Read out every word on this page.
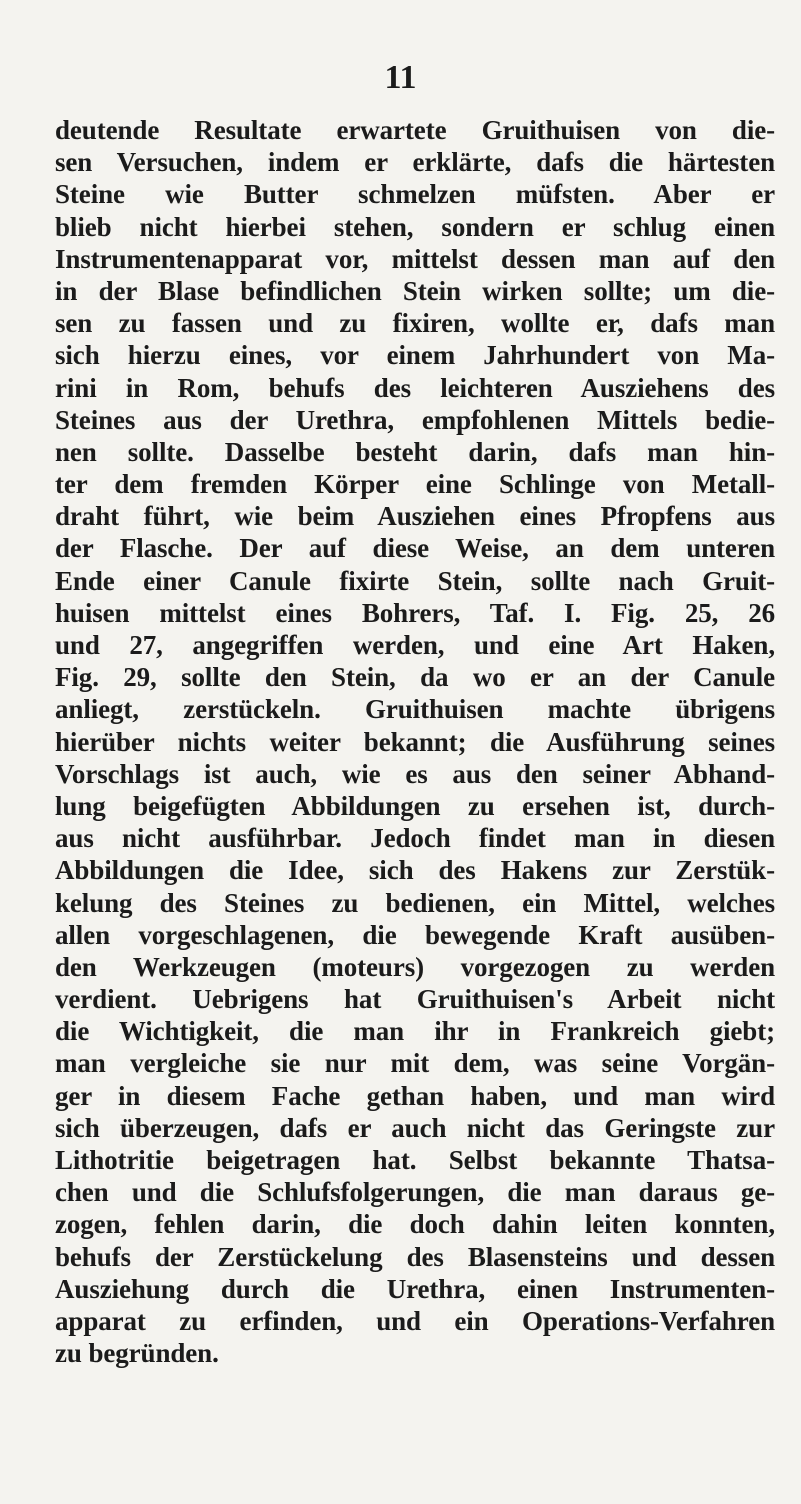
11
deutende Resultate erwartete Gruithuisen von die-
sen Versuchen, indem er erklärte, dafs die härtesten
Steine wie Butter schmelzen müfsten. Aber er
blieb nicht hierbei stehen, sondern er schlug einen
Instrumentenapparat vor, mittelst dessen man auf den
in der Blase befindlichen Stein wirken sollte; um die-
sen zu fassen und zu fixiren, wollte er, dafs man
sich hierzu eines, vor einem Jahrhundert von Ma-
rini in Rom, behufs des leichteren Ausziehens des
Steines aus der Urethra, empfohlenen Mittels bedie-
nen sollte. Dasselbe besteht darin, dafs man hin-
ter dem fremden Körper eine Schlinge von Metall-
draht führt, wie beim Ausziehen eines Pfropfens aus
der Flasche. Der auf diese Weise, an dem unteren
Ende einer Canule fixirte Stein, sollte nach Gruit-
huisen mittelst eines Bohrers, Taf. I. Fig. 25, 26
und 27, angegriffen werden, und eine Art Haken,
Fig. 29, sollte den Stein, da wo er an der Canule
anliegt, zerstückeln. Gruithuisen machte übrigens
hierüber nichts weiter bekannt; die Ausführung seines
Vorschlags ist auch, wie es aus den seiner Abhand-
lung beigefügten Abbildungen zu ersehen ist, durch-
aus nicht ausführbar. Jedoch findet man in diesen
Abbildungen die Idee, sich des Hakens zur Zerstük-
kelung des Steines zu bedienen, ein Mittel, welches
allen vorgeschlagenen, die bewegende Kraft ausüben-
den Werkzeugen (moteurs) vorgezogen zu werden
verdient. Uebrigens hat Gruithuisen's Arbeit nicht
die Wichtigkeit, die man ihr in Frankreich giebt;
man vergleiche sie nur mit dem, was seine Vorgän-
ger in diesem Fache gethan haben, und man wird
sich überzeugen, dafs er auch nicht das Geringste zur
Lithotritie beigetragen hat. Selbst bekannte Thatsa-
chen und die Schlufsfolgerungen, die man daraus ge-
zogen, fehlen darin, die doch dahin leiten konnten,
behufs der Zerstückelung des Blasensteins und dessen
Ausziehung durch die Urethra, einen Instrumenten-
apparat zu erfinden, und ein Operations-Verfahren
zu begründen.
